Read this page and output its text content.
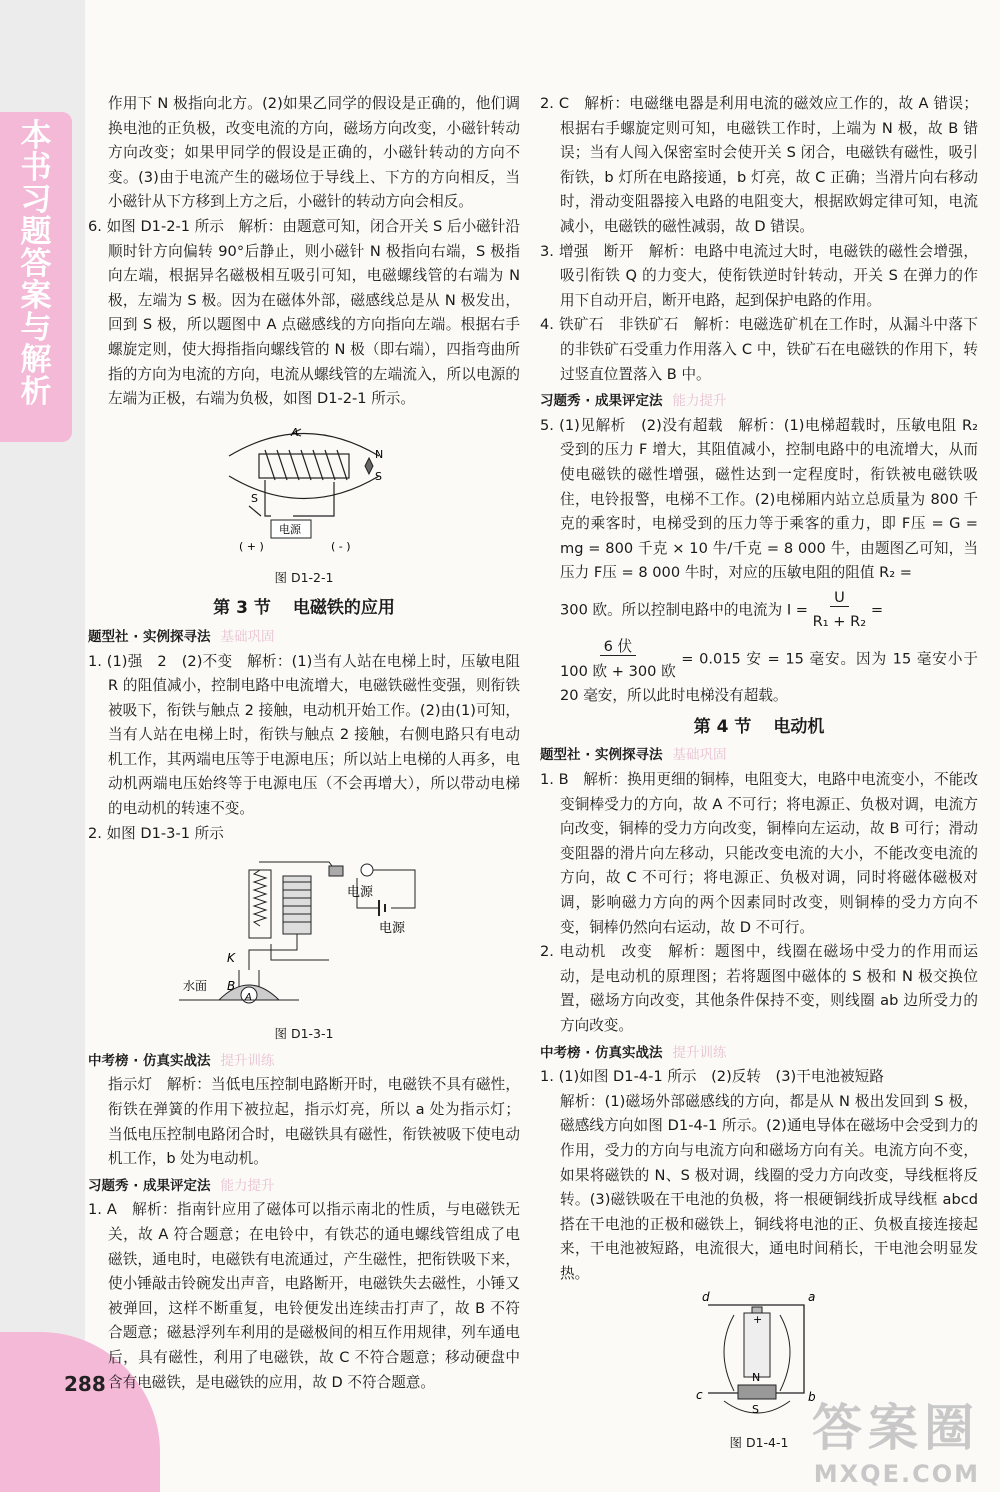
本书习题答案与解析
288
答案圈
MXQE.COM

作用下 N 极指向北方。(2)如果乙同学的假设是正确的，他们调换电池的正负极，改变电流的方向，磁场方向改变，小磁针转动方向改变；如果甲同学的假设是正确的，小磁针转动的方向不变。(3)由于电流产生的磁场位于导线上、下方的方向相反，当小磁针从下方移到上方之后，小磁针的转动方向会相反。

6. 如图 D1-2-1 所示　解析：由题意可知，闭合开关 S 后小磁针沿顺时针方向偏转 90°后静止，则小磁针 N 极指向右端，S 极指向左端，根据异名磁极相互吸引可知，电磁螺线管的右端为 N 极，左端为 S 极。因为在磁体外部，磁感线总是从 N 极发出，回到 S 极，所以题图中 A 点磁感线的方向指向左端。根据右手螺旋定则，使大拇指指向螺线管的 N 极（即右端），四指弯曲所指的方向为电流的方向，电流从螺线管的左端流入，所以电源的左端为正极，右端为负极，如图 D1-2-1 所示。

A
N
S
S
电源
( + )	( - )
图 D1-2-1
第 3 节 电磁铁的应用
题型社 · 实例探寻法 基础巩固

1. (1)强　2　(2)不变　解析：(1)当有人站在电梯上时，压敏电阻 R 的阻值减小，控制电路中电流增大，电磁铁磁性变强，则衔铁被吸下，衔铁与触点 2 接触，电动机开始工作。(2)由(1)可知，当有人站在电梯上时，衔铁与触点 2 接触，右侧电路只有电动机工作，其两端电压等于电源电压；所以站上电梯的人再多，电动机两端电压始终等于电源电压（不会再增大），所以带动电梯的电动机的转速不变。

2. 如图 D1-3-1 所示

电源
电源
K
B
A
水面
图 D1-3-1
中考榜 · 仿真实战法 提升训练

指示灯　解析：当低电压控制电路断开时，电磁铁不具有磁性，衔铁在弹簧的作用下被拉起，指示灯亮，所以 a 处为指示灯；当低电压控制电路闭合时，电磁铁具有磁性，衔铁被吸下使电动机工作，b 处为电动机。

习题秀 · 成果评定法 能力提升

1. A　解析：指南针应用了磁体可以指示南北的性质，与电磁铁无关，故 A 符合题意；在电铃中，有铁芯的通电螺线管组成了电磁铁，通电时，电磁铁有电流通过，产生磁性，把衔铁吸下来，使小锤敲击铃碗发出声音，电路断开，电磁铁失去磁性，小锤又被弹回，这样不断重复，电铃便发出连续击打声了，故 B 不符合题意；磁悬浮列车利用的是磁极间的相互作用规律，列车通电后，具有磁性，利用了电磁铁，故 C 不符合题意；移动硬盘中含有电磁铁，是电磁铁的应用，故 D 不符合题意。

2. C　解析：电磁继电器是利用电流的磁效应工作的，故 A 错误；根据右手螺旋定则可知，电磁铁工作时，上端为 N 极，故 B 错误；当有人闯入保密室时会使开关 S 闭合，电磁铁有磁性，吸引衔铁，b 灯所在电路接通，b 灯亮，故 C 正确；当滑片向右移动时，滑动变阻器接入电路的电阻变大，根据欧姆定律可知，电流减小，电磁铁的磁性减弱，故 D 错误。

3. 增强　断开　解析：电路中电流过大时，电磁铁的磁性会增强，吸引衔铁 Q 的力变大，使衔铁逆时针转动，开关 S 在弹力的作用下自动开启，断开电路，起到保护电路的作用。

4. 铁矿石　非铁矿石　解析：电磁选矿机在工作时，从漏斗中落下的非铁矿石受重力作用落入 C 中，铁矿石在电磁铁的作用下，转过竖直位置落入 B 中。

习题秀 · 成果评定法 能力提升

5. (1)见解析　(2)没有超载　解析：(1)电梯超载时，压敏电阻 R₂ 受到的压力 F 增大，其阻值减小，控制电路中的电流增大，从而使电磁铁的磁性增强，磁性达到一定程度时，衔铁被电磁铁吸住，电铃报警，电梯不工作。(2)电梯厢内站立总质量为 800 千克的乘客时，电梯受到的压力等于乘客的重力，即 F压 = G = mg = 800 千克 × 10 牛/千克 = 8 000 牛，由题图乙可知，当压力 F压 = 8 000 牛时，对应的压敏电阻的阻值 R₂ =

300 欧。所以控制电路中的电流为 $I = \frac{U}{\text{R₁ + R₂}}$ =

$\frac{\text{6 伏}}{\text{100 欧 + 300 欧}} = 0.015$ 安 = 15 毫安。因为 15 毫安小于 20 毫安，所以此时电梯没有超载。

第 4 节 电动机
题型社 · 实例探寻法 基础巩固

1. B　解析：换用更细的铜棒，电阻变大，电路中电流变小，不能改变铜棒受力的方向，故 A 不可行；将电源正、负极对调，电流方向改变，铜棒的受力方向改变，铜棒向左运动，故 B 可行；滑动变阻器的滑片向左移动，只能改变电流的大小，不能改变电流的方向，故 C 不可行；将电源正、负极对调，同时将磁体磁极对调，影响磁力方向的两个因素同时改变，则铜棒的受力方向不变，铜棒仍然向右运动，故 D 不可行。

2. 电动机　改变　解析：题图中，线圈在磁场中受力的作用而运动，是电动机的原理图；若将题图中磁体的 S 极和 N 极交换位置，磁场方向改变，其他条件保持不变，则线圈 ab 边所受力的方向改变。

中考榜 · 仿真实战法 提升训练

1. (1)如图 D1-4-1 所示　(2)反转　(3)干电池被短路

解析：(1)磁场外部磁感线的方向，都是从 N 极出发回到 S 极，磁感线方向如图 D1-4-1 所示。(2)通电导体在磁场中会受到力的作用，受力的方向与电流方向和磁场方向有关。电流方向不变，如果将磁铁的 N、S 极对调，线圈的受力方向改变，导线框将反转。(3)磁铁吸在干电池的负极，将一根硬铜线折成导线框 abcd 搭在干电池的正极和磁铁上，铜线将电池的正、负极直接连接起来，干电池被短路，电流很大，通电时间稍长，干电池会明显发热。

d	a
c	b
+
N
S
图 D1-4-1
